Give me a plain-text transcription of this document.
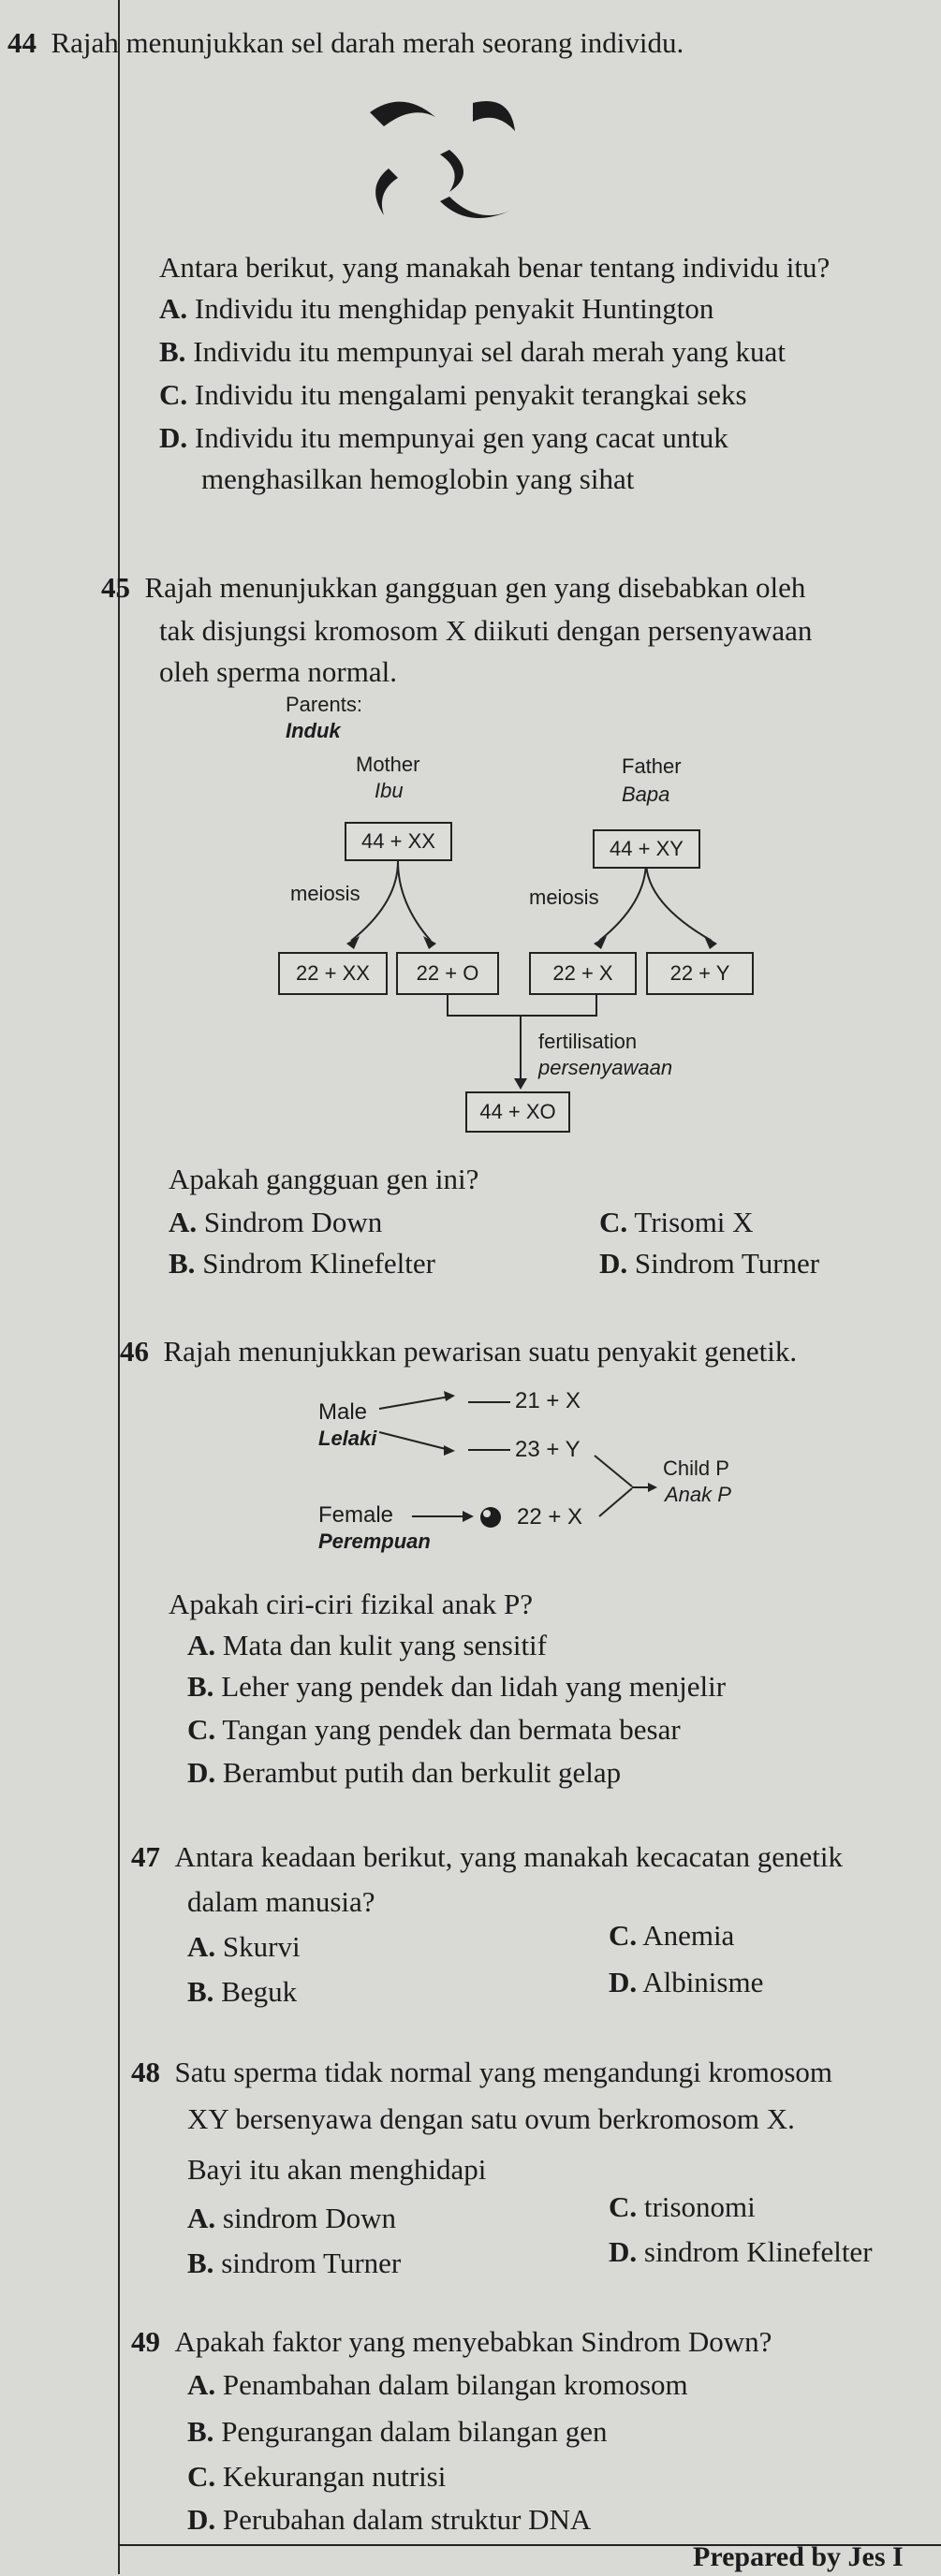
44 Rajah menunjukkan sel darah merah seorang individu.
Antara berikut, yang manakah benar tentang individu itu?
A. Individu itu menghidap penyakit Huntington
B. Individu itu mempunyai sel darah merah yang kuat
C. Individu itu mengalami penyakit terangkai seks
D. Individu itu mempunyai gen yang cacat untuk
menghasilkan hemoglobin yang sihat
45 Rajah menunjukkan gangguan gen yang disebabkan oleh
tak disjungsi kromosom X diikuti dengan persenyawaan
oleh sperma normal.
Parents:
Induk
Mother
Ibu
Father
Bapa
44 + XX	44 + XY
meiosis	meiosis
22 + XX	22 + O	22 + X	22 + Y
fertilisation
persenyawaan
44 + XO
Apakah gangguan gen ini?
A. Sindrom Down	C. Trisomi X
B. Sindrom Klinefelter	D. Sindrom Turner
46 Rajah menunjukkan pewarisan suatu penyakit genetik.
Male
Lelaki
21 + X
23 + Y
Female
Perempuan
22 + X
Child P
Anak P
Apakah ciri-ciri fizikal anak P?
A. Mata dan kulit yang sensitif
B. Leher yang pendek dan lidah yang menjelir
C. Tangan yang pendek dan bermata besar
D. Berambut putih dan berkulit gelap
47 Antara keadaan berikut, yang manakah kecacatan genetik
dalam manusia?
A. Skurvi	C. Anemia
B. Beguk	D. Albinisme
48 Satu sperma tidak normal yang mengandungi kromosom
XY bersenyawa dengan satu ovum berkromosom X.
Bayi itu akan menghidapi
A. sindrom Down	C. trisonomi
B. sindrom Turner	D. sindrom Klinefelter
49 Apakah faktor yang menyebabkan Sindrom Down?
A. Penambahan dalam bilangan kromosom
B. Pengurangan dalam bilangan gen
C. Kekurangan nutrisi
D. Perubahan dalam struktur DNA
Prepared by Jes I
